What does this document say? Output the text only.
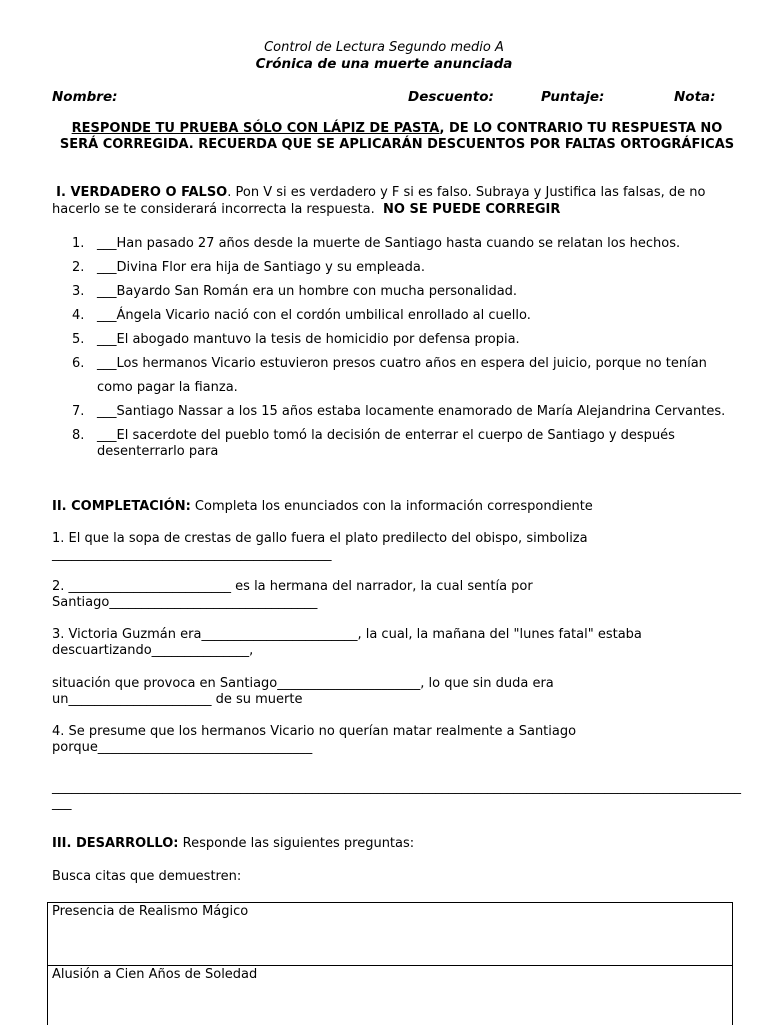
Control de Lectura Segundo medio A
Crónica de una muerte anunciada
Nombre:	Descuento:	Puntaje:	Nota:
RESPONDE TU PRUEBA SÓLO CON LÁPIZ DE PASTA, DE LO CONTRARIO TU RESPUESTA NO SERÁ CORREGIDA. RECUERDA QUE SE APLICARÁN DESCUENTOS POR FALTAS ORTOGRÁFICAS
I. VERDADERO O FALSO. Pon V si es verdadero y F si es falso. Subraya y Justifica las falsas, de no hacerlo se te considerará incorrecta la respuesta. NO SE PUEDE CORREGIR
1. ___Han pasado 27 años desde la muerte de Santiago hasta cuando se relatan los hechos.
2. ___Divina Flor era hija de Santiago y su empleada.
3. ___Bayardo San Román era un hombre con mucha personalidad.
4. ___Ángela Vicario nació con el cordón umbilical enrollado al cuello.
5. ___El abogado mantuvo la tesis de homicidio por defensa propia.
6. ___Los hermanos Vicario estuvieron presos cuatro años en espera del juicio, porque no tenían como pagar la fianza.
7. ___Santiago Nassar a los 15 años estaba locamente enamorado de María Alejandrina Cervantes.
8. ___El sacerdote del pueblo tomó la decisión de enterrar el cuerpo de Santiago y después desenterrarlo para
II. COMPLETACIÓN: Completa los enunciados con la información correspondiente
1. El que la sopa de crestas de gallo fuera el plato predilecto del obispo, simboliza ___________________________________________
2. _________________________ es la hermana del narrador, la cual sentía por Santiago________________________________
3. Victoria Guzmán era________________________, la cual, la mañana del "lunes fatal" estaba descuartizando_______________,
situación que provoca en Santiago______________________, lo que sin duda era un______________________ de su muerte
4. Se presume que los hermanos Vicario no querían matar realmente a Santiago porque_________________________________
_____________________________________________________________________________________________________________
III. DESARROLLO: Responde las siguientes preguntas:
Busca citas que demuestren:
Presencia de Realismo Mágico
Alusión a Cien Años de Soledad
